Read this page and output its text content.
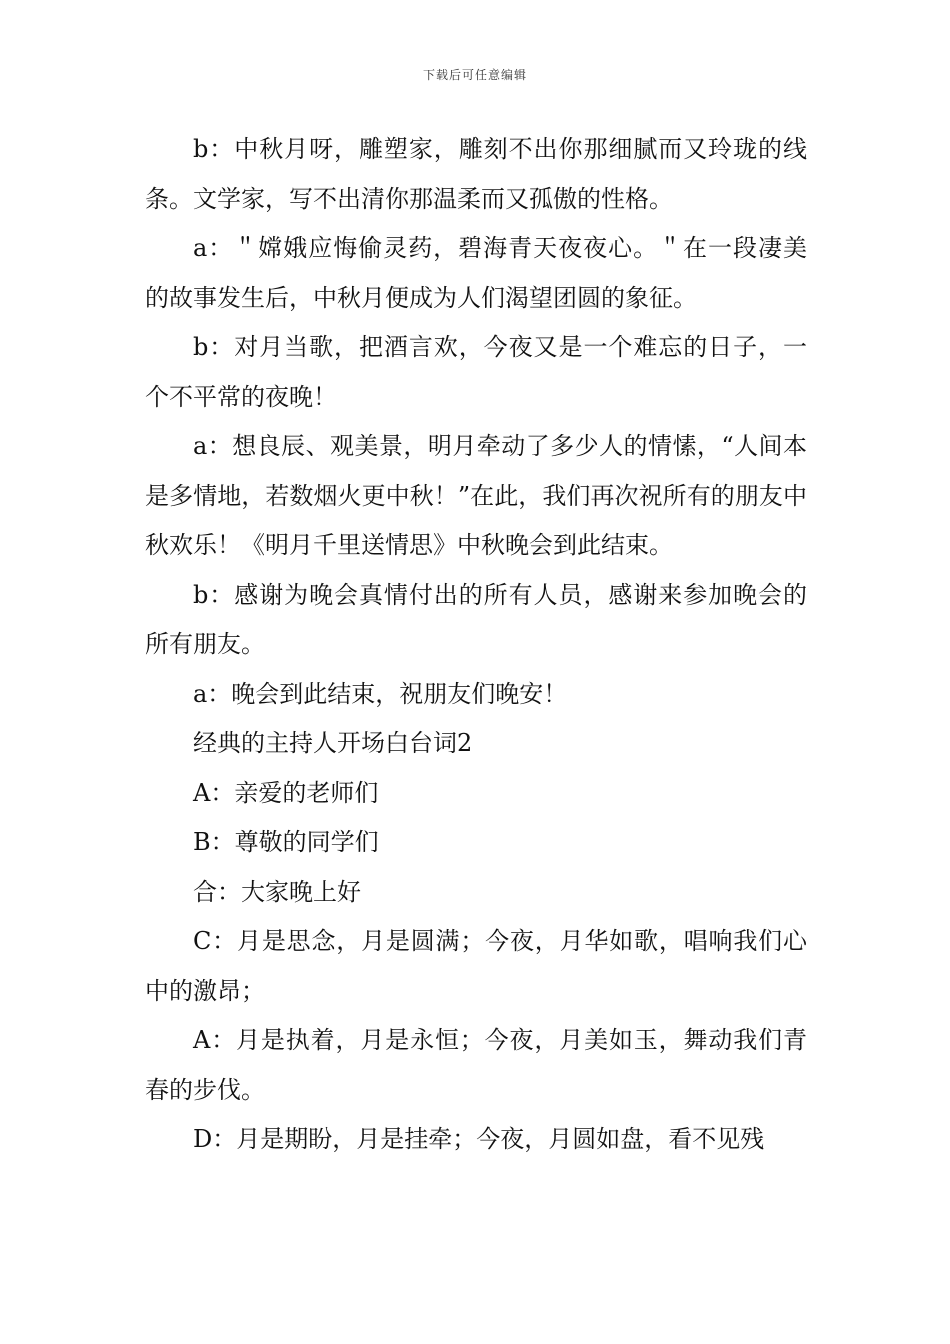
下载后可任意编辑

b：中秋月呀，雕塑家，雕刻不出你那细腻而又玲珑的线条。文学家，写不出清你那温柔而又孤傲的性格。

a：＂嫦娥应悔偷灵药，碧海青天夜夜心。＂在一段凄美的故事发生后，中秋月便成为人们渴望团圆的象征。

b：对月当歌，把酒言欢，今夜又是一个难忘的日子，一个不平常的夜晚！

a：想良辰、观美景，明月牵动了多少人的情愫，“人间本是多情地，若数烟火更中秋！”在此，我们再次祝所有的朋友中秋欢乐！《明月千里送情思》中秋晚会到此结束。

b：感谢为晚会真情付出的所有人员，感谢来参加晚会的所有朋友。

a：晚会到此结束，祝朋友们晚安！

经典的主持人开场白台词2

A：亲爱的老师们

B：尊敬的同学们

合：大家晚上好

C：月是思念，月是圆满；今夜，月华如歌，唱响我们心中的激昂；

A：月是执着，月是永恒；今夜，月美如玉，舞动我们青春的步伐。

D：月是期盼，月是挂牵；今夜，月圆如盘，看不见残
